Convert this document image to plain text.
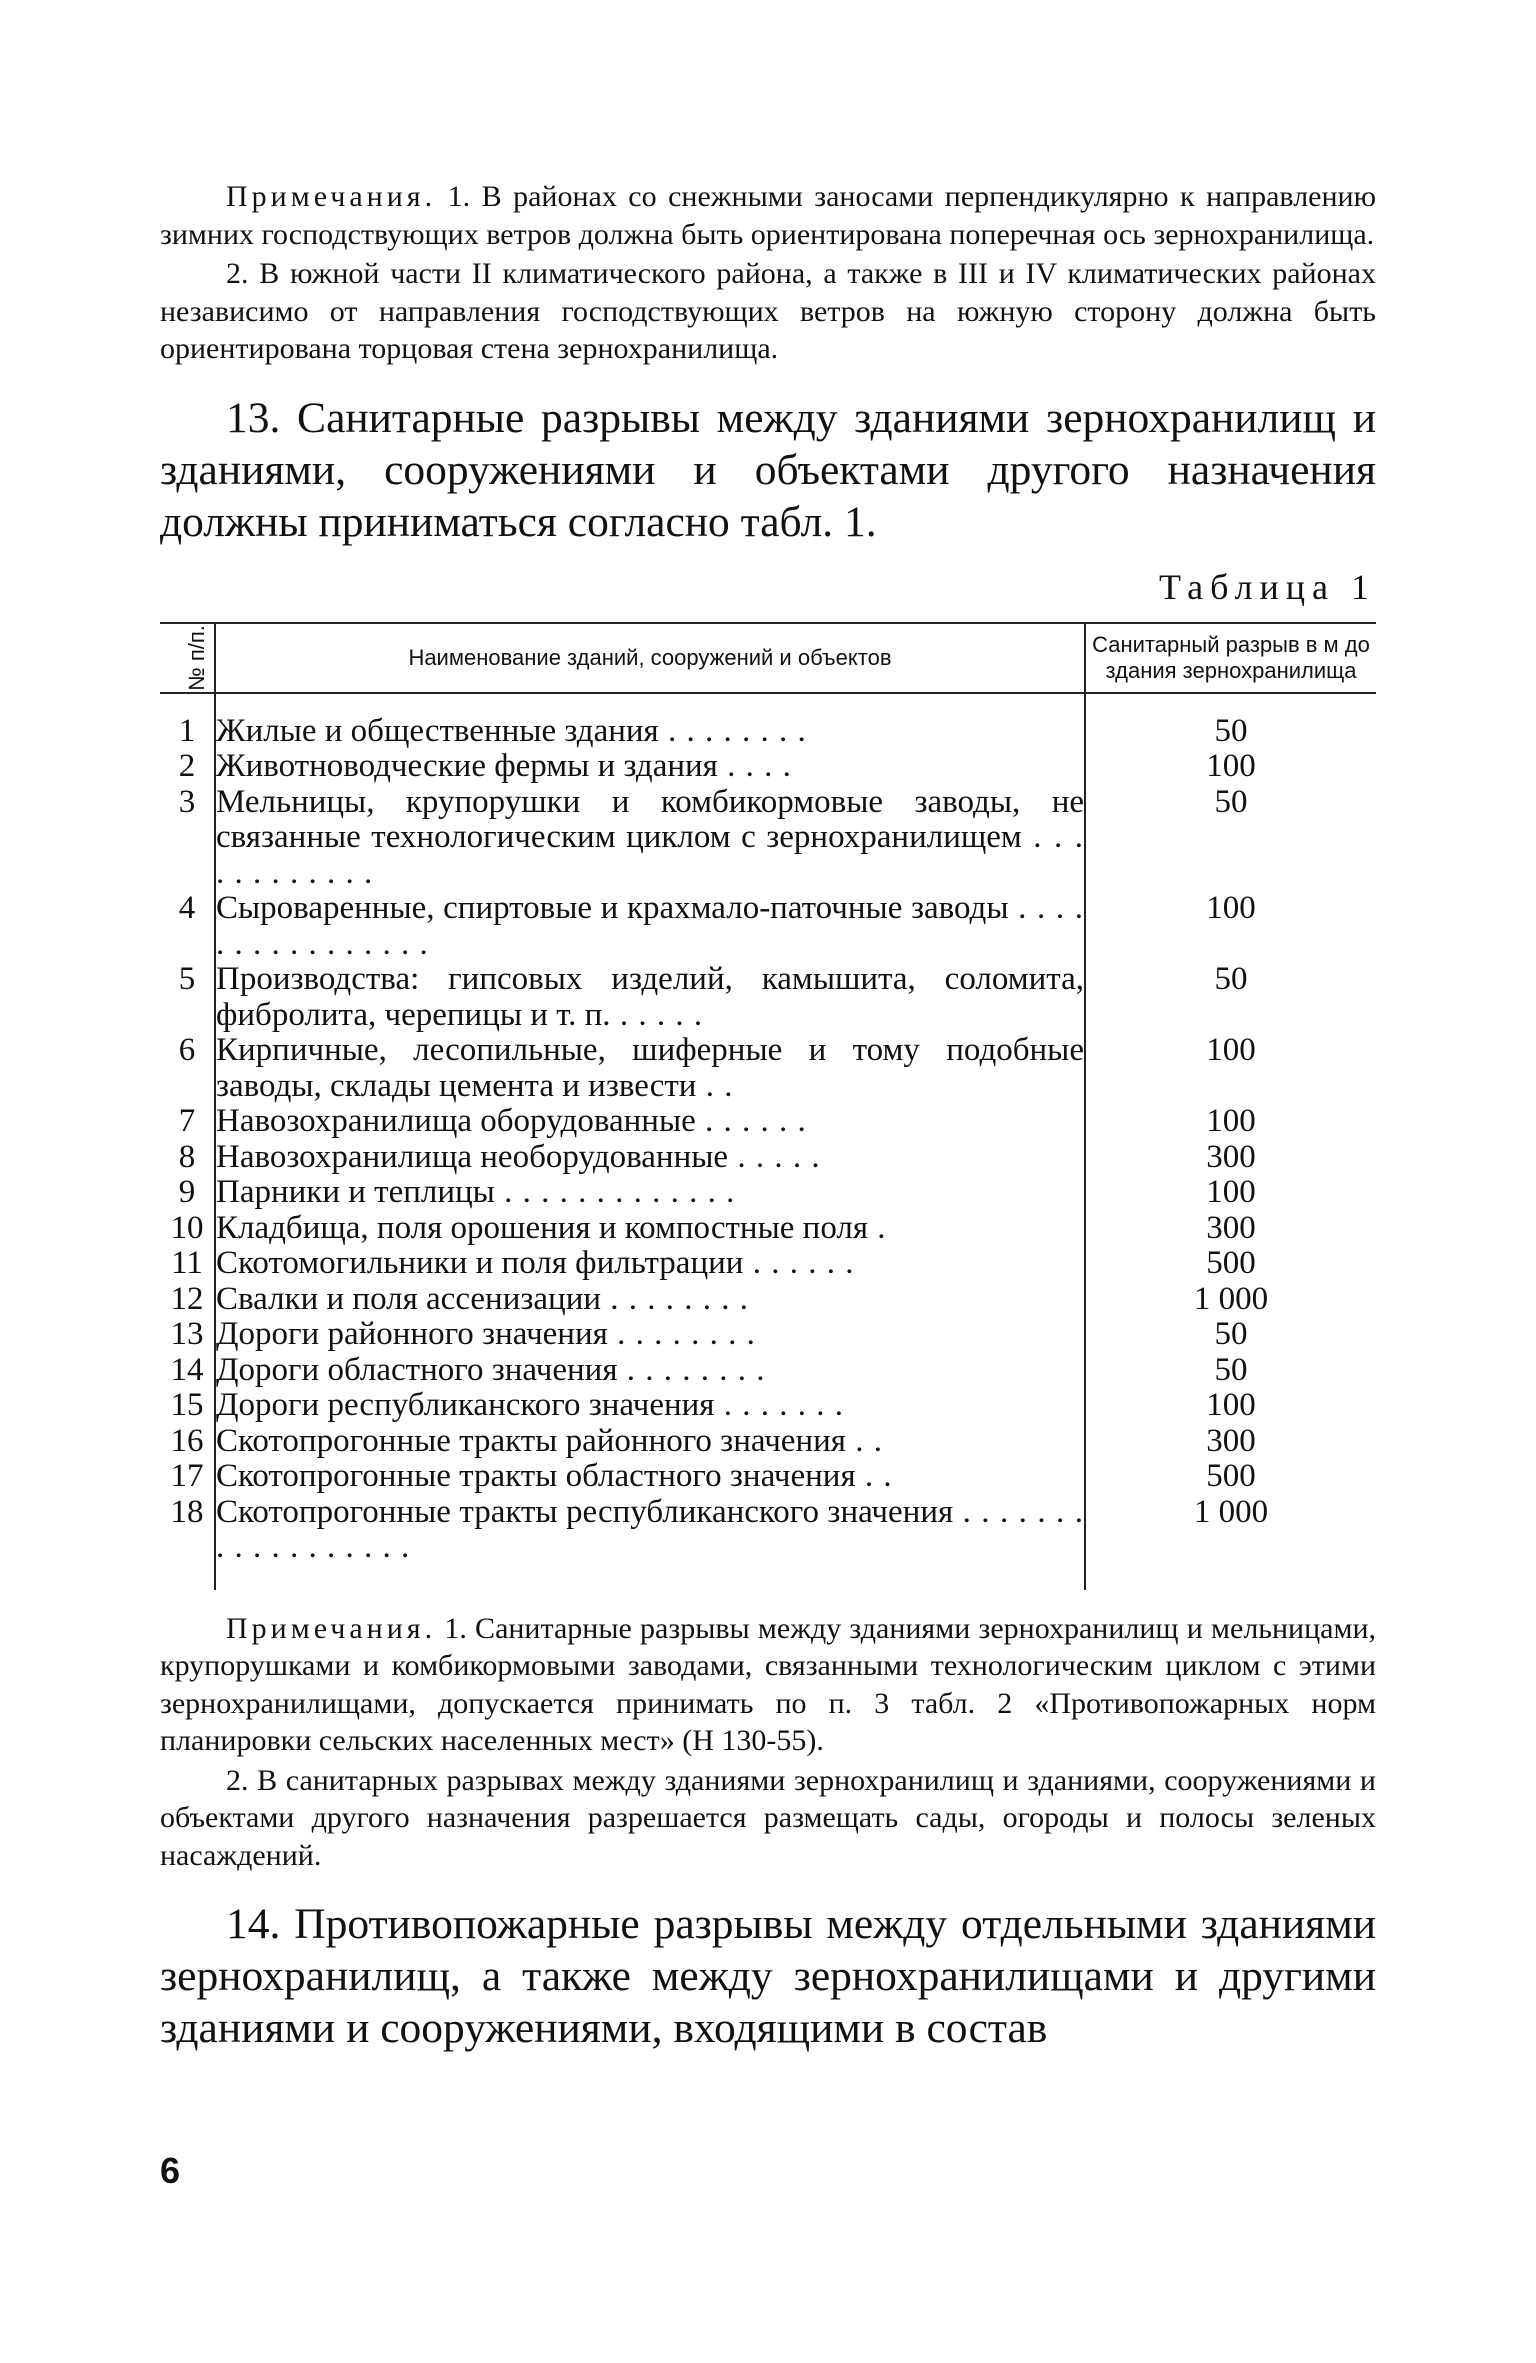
Примечания. 1. В районах со снежными заносами перпендикулярно к направлению зимних господствующих ветров должна быть ориентирована поперечная ось зернохранилища.

2. В южной части II климатического района, а также в III и IV климатических районах независимо от направления господствующих ветров на южную сторону должна быть ориентирована торцовая стена зернохранилища.

13. Санитарные разрывы между зданиями зернохранилищ и зданиями, сооружениями и объектами другого назначения должны приниматься согласно табл. 1.

Таблица 1
№ п/п.	Наименование зданий, сооружений и объектов	Санитарный разрыв в м до здания зернохранилища

1	Жилые и общественные здания . . . . . . . .	50
2	Животноводческие фермы и здания . . . .	100
3	Мельницы, крупорушки и комбикормовые заводы, не связанные технологическим циклом с зернохранилищем . . . . . . . . . . . .	50
4	Сыроваренные, спиртовые и крахмало-паточные заводы . . . . . . . . . . . . . . . .	100
5	Производства: гипсовых изделий, камышита, соломита, фибролита, черепицы и т. п. . . . . .	50
6	Кирпичные, лесопильные, шиферные и тому подобные заводы, склады цемента и извести . .	100
7	Навозохранилища оборудованные . . . . . .	100
8	Навозохранилища необорудованные . . . . .	300
9	Парники и теплицы . . . . . . . . . . . . .	100
10	Кладбища, поля орошения и компостные поля .	300
11	Скотомогильники и поля фильтрации . . . . . .	500
12	Свалки и поля ассенизации . . . . . . . .	1 000
13	Дороги районного значения . . . . . . . .	50
14	Дороги областного значения . . . . . . . .	50
15	Дороги республиканского значения . . . . . . .	100
16	Скотопрогонные тракты районного значения . .	300
17	Скотопрогонные тракты областного значения . .	500
18	Скотопрогонные тракты республиканского значения . . . . . . . . . . . . . . . . . .	1 000

Примечания. 1. Санитарные разрывы между зданиями зернохранилищ и мельницами, крупорушками и комбикормовыми заводами, связанными технологическим циклом с этими зернохранилищами, допускается принимать по п. 3 табл. 2 «Противопожарных норм планировки сельских населенных мест» (Н 130-55).

2. В санитарных разрывах между зданиями зернохранилищ и зданиями, сооружениями и объектами другого назначения разрешается размещать сады, огороды и полосы зеленых насаждений.

14. Противопожарные разрывы между отдельными зданиями зернохранилищ, а также между зернохранилищами и другими зданиями и сооружениями, входящими в состав

6
